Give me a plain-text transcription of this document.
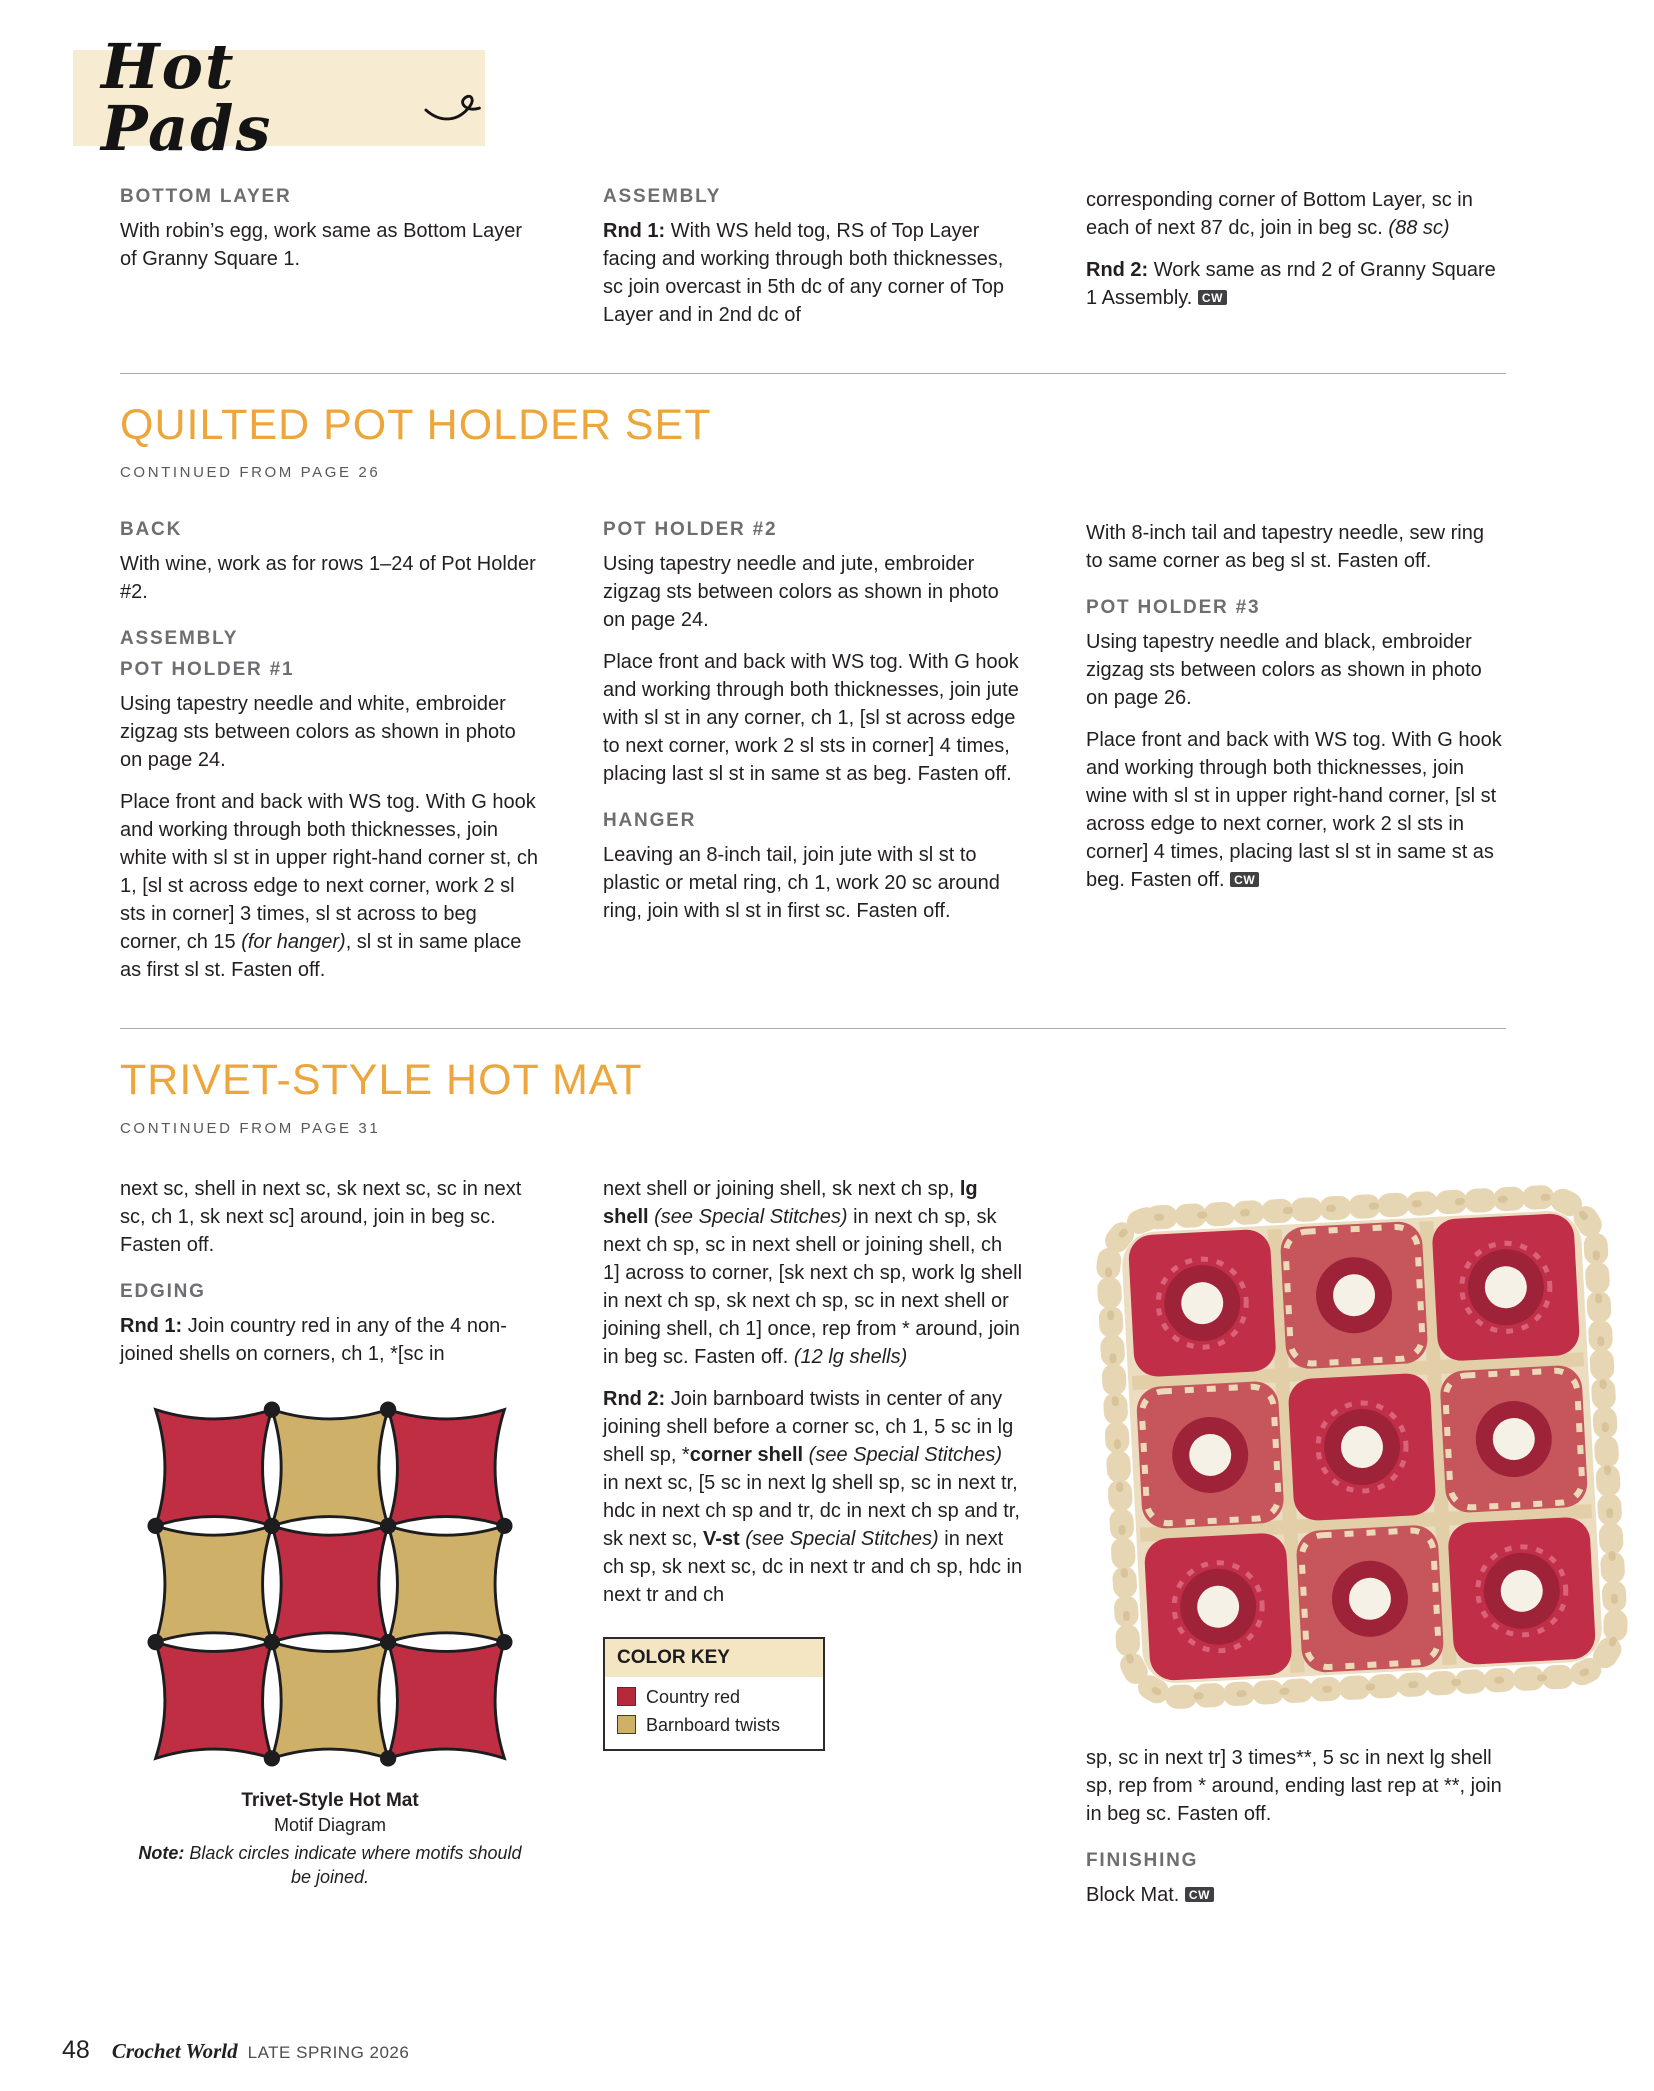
Hot Pads
BOTTOM LAYER

With robin’s egg, work same as Bottom Layer of Granny Square 1.

ASSEMBLY

Rnd 1: With WS held tog, RS of Top Layer facing and working through both thicknesses, sc join overcast in 5th dc of any corner of Top Layer and in 2nd dc of

corresponding corner of Bottom Layer, sc in each of next 87 dc, join in beg sc. (88 sc)

Rnd 2: Work same as rnd 2 of Granny Square 1 Assembly. CW

QUILTED POT HOLDER SET
CONTINUED FROM PAGE 26
BACK

With wine, work as for rows 1–24 of Pot Holder #2.

ASSEMBLY
POT HOLDER #1

Using tapestry needle and white, embroider zigzag sts between colors as shown in photo on page 24.

Place front and back with WS tog. With G hook and working through both thicknesses, join white with sl st in upper right-hand corner st, ch 1, [sl st across edge to next corner, work 2 sl sts in corner] 3 times, sl st across to beg corner, ch 15 (for hanger), sl st in same place as first sl st. Fasten off.

POT HOLDER #2

Using tapestry needle and jute, embroider zigzag sts between colors as shown in photo on page 24.

Place front and back with WS tog. With G hook and working through both thicknesses, join jute with sl st in any corner, ch 1, [sl st across edge to next corner, work 2 sl sts in corner] 4 times, placing last sl st in same st as beg. Fasten off.

HANGER

Leaving an 8-inch tail, join jute with sl st to plastic or metal ring, ch 1, work 20 sc around ring, join with sl st in first sc. Fasten off.

With 8-inch tail and tapestry needle, sew ring to same corner as beg sl st. Fasten off.

POT HOLDER #3

Using tapestry needle and black, embroider zigzag sts between colors as shown in photo on page 26.

Place front and back with WS tog. With G hook and working through both thicknesses, join wine with sl st in upper right-hand corner, [sl st across edge to next corner, work 2 sl sts in corner] 4 times, placing last sl st in same st as beg. Fasten off. CW

TRIVET-STYLE HOT MAT
CONTINUED FROM PAGE 31

next sc, shell in next sc, sk next sc, sc in next sc, ch 1, sk next sc] around, join in beg sc. Fasten off.

EDGING

Rnd 1: Join country red in any of the 4 non-joined shells on corners, ch 1, *[sc in

Trivet-Style Hot Mat
Motif Diagram
Note: Black circles indicate where motifs should be joined.

next shell or joining shell, sk next ch sp, lg shell (see Special Stitches) in next ch sp, sk next ch sp, sc in next shell or joining shell, ch 1] across to corner, [sk next ch sp, work lg shell in next ch sp, sk next ch sp, sc in next shell or joining shell, ch 1] once, rep from * around, join in beg sc. Fasten off. (12 lg shells)

Rnd 2: Join barnboard twists in center of any joining shell before a corner sc, ch 1, 5 sc in lg shell sp, *corner shell (see Special Stitches) in next sc, [5 sc in next lg shell sp, sc in next tr, hdc in next ch sp and tr, dc in next ch sp and tr, sk next sc, V-st (see Special Stitches) in next ch sp, sk next sc, dc in next tr and ch sp, hdc in next tr and ch

COLOR KEY
Country red
Barnboard twists

sp, sc in next tr] 3 times**, 5 sc in next lg shell sp, rep from * around, ending last rep at **, join in beg sc. Fasten off.

FINISHING

Block Mat. CW

48 Crochet World LATE SPRING 2026
